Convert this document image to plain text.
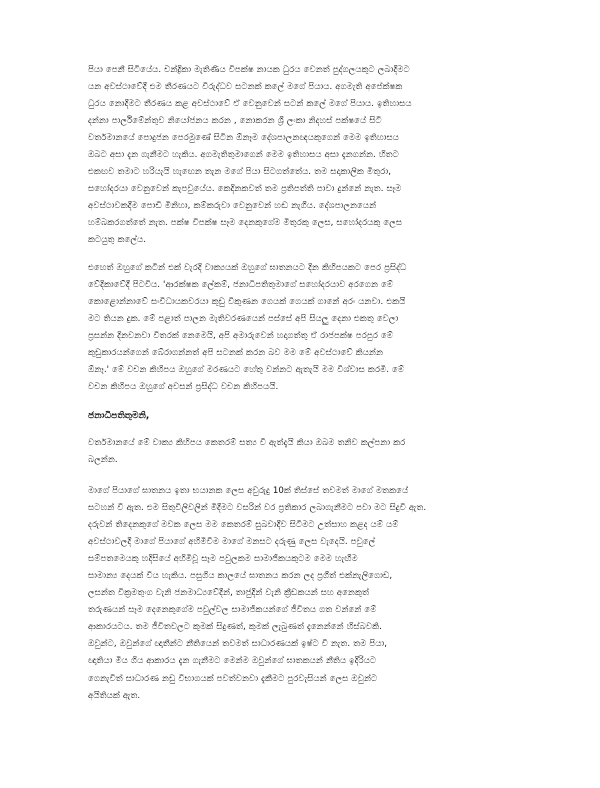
පියා පෙනී සිටියේය. චන්ද්‍රිකා මැතිණිය විපක්ෂ නායක ධුරය වෙනත් පුද්ගලයකුට ලබාදීමට
යන අවස්ථාවේදී එම තීරණයට විරුද්ධව සටනක් කලේ මගේ පියාය. අගමැති අපේක්ෂක
ධුරය නොදීමට තීරණය කළ අවස්ථාවේ ඒ වෙනුවෙන් සටන් කලේ මගේ පියාය. ඉතිහාසය
දන්නා පාර්ලිමේන්තුව නියෝජනය කරන , නොකරන ශ්‍රී ලංකා නිදහස් පක්ෂයේ සිටි
වර්තමානයේ පොදුජන පෙරමුණේ සිටින ඕනෑම දේශපාලනඥයකුගෙන් මෙම ඉතිහාසය
ඔබට අසා දැන ගැනීමට හැකිය. අගමැතිතුමාගෙන් මෙම ඉතිහාසය අසා දැනගන්න. හිතට
එකඟව තමාට හරියැයි හැඟෙන තැන මගේ පියා සිටගත්තේය. තම සදාකාලික මිතුරා,
සහෝදරයා වෙනුවෙන් කැපවුයේය. කෙදිනකවත් තම ප්‍රතිපත්ති පාවා දුන්නේ නැත. සෑම
අවස්ථාවකදීම පොඩි මිනිහා, කම්කරුවා වෙනුවෙන් හඬ නැගීය. දේශපාලනයෙන්
හම්බකරගත්තේ නැත. පක්ෂ විපක්ෂ සෑම දෙනකුගේම මිතුරකු ලෙස, සහෝදරයකු ලෙස
කටයුතු කලේය.

එහෙත් ඔහුගේ කටින් එක් වැරදි වාක්‍යයක් ඔහුගේ ඝාතනයට දින කිහිපයකට පෙර ප්‍රසිද්ධ
වේදිකාවේදී පිටවිය. 'ආරක්ෂක ලේකම්, ජනාධිපතිතුමාගේ සහෝදරයාව අරගෙන මේ
කොළොන්නාවේ සංවිධායකවරයා කුඩු විකුණන ගෙයක් ගෙයක් ගානේ අරං යනවා. එකයි
මට තියන දුක. මේ පළාත් පාලන මැතිවරණයෙන් පස්සේ අපි සියලු දෙනා එකතු වෙලා
ප්‍රසන්න දිනවනවා විතරක් නෙමෙයි, අපි අමාරුවෙන් හදාගත්තු ඒ රාජපක්ෂ පරපුර මේ
කුඩුකාරයන්ගෙන් බේරාගන්නත් අපි සටනක් කරන බව මම මේ අවස්ථාවේ කියන්න
ඕනෑ.' මේ වචන කිහිපය ඔහුගේ මරණයට හේතු වන්නට ඇතැයි මම විශ්වාස කරමි. මේ
වචන කිහිපය ඔහුගේ අවසන් ප්‍රසිද්ධ වචන කිහිපයයි.

ජනාධිපතිතුමනි,

වර්තමානයේ මේ වාක්‍ය කිහිපය කෙතරම් සත්‍ය වී ඇත්දැයි කියා ඔබම තනිව කල්පනා කර
බලන්න.

මාගේ පියාගේ ඝාතනය ඉතා භයානක ලෙස අවුරුදු 10ක් තිස්සේ තවමත් මාගේ මතකයේ
සටහන් වී ඇත. එම සිතුවිලිවලින් මිදීමට වසරින් වර ප්‍රතිකාර ලබාගැනීමට පවා මට සිදුවී ඇත.
දරුවන් තිදෙනකුගේ මවක ලෙස මම කෙතරම් සුබවාදීව සිටීමට උත්සාහ කළද යම් යම්
අවස්ථාවලදී මාගේ පියාගේ අහිමිවීම මාගේ මනසට දරුණු ලෙස වැදෙයි. පවුලේ
සම්පතමෙයකු හදිසියේ අහිමිවූ සෑම පවුලකම සාමාජිකයකුටම මෙම හැඟීම
සාමාන්‍ය දෙයක් විය හැකිය. පසුගිය කාලයේ ඝාතනය කරන ලද ප්‍රගීත් එක්නැලිගොඩ,
ලසන්ත වික්‍රමතුංග වැනි ජනමාධ්‍යවේදීන්, තාජුදීන් වැනි ක්‍රීඩකයන් සහ අනෙකුත්
තරුණයන් සෑම දෙනෙකුගේම පවුල්වල සාමාජිකයන්ගේ ජීවිතය ගත වන්නේ මේ
ආකාරයටය. තම ජීවිතවලට කුමක් සිදුණත්, කුමක් ලැබුණත් දැනෙන්නේ හිස්බවකි.
ඔවුන්ට, ඔවුන්ගේ ඥාතීන්ට නීතියෙන් තවමත් සාධාරණයක් ඉෂ්ට වී නැත. තම පියා,
ඥාතියා මිය ගිය ආකාරය දැන ගැනීමට මෙන්ම ඔවුන්ගේ ඝාතකයන් නීතිය ඉදිරියට
ගෙනැවිත් සාධාරණ නඩු විභාගයක් පවත්වනවා දැකීමට පුරවැසියන් ලෙස ඔවුන්ට
අයිතියක් ඇත.
